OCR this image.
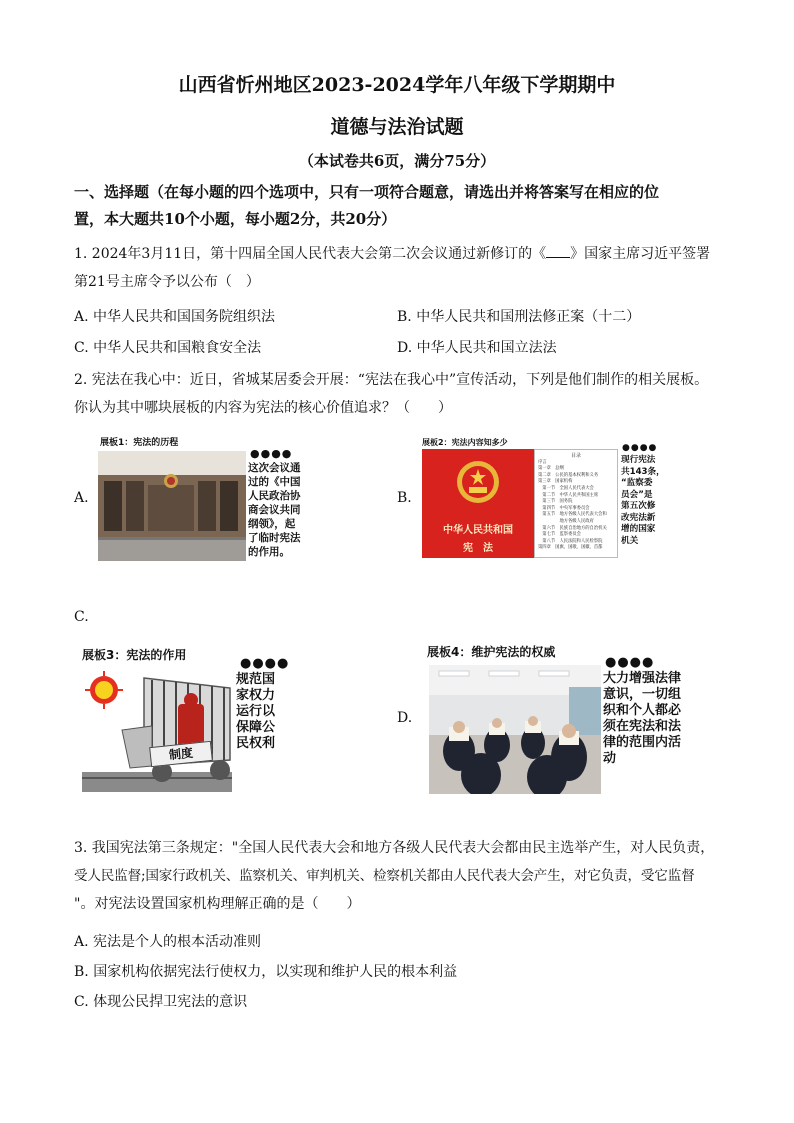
山西省忻州地区2023-2024学年八年级下学期期中
道德与法治试题
（本试卷共6页，满分75分）
一、选择题（在每小题的四个选项中，只有一项符合题意，请选出并将答案写在相应的位
置，本大题共10个小题，每小题2分，共20分）
1. 2024年3月11日，第十四届全国人民代表大会第二次会议通过新修订的《 》国家主席习近平签署
第21号主席令予以公布（　）
A. 中华人民共和国国务院组织法	B. 中华人民共和国刑法修正案（十二）
C. 中华人民共和国粮食安全法	D. 中华人民共和国立法法
2. 宪法在我心中：近日，省城某居委会开展：“宪法在我心中”宣传活动，下列是他们制作的相关展板。
你认为其中哪块展板的内容为宪法的核心价值追求？（　　）
A.
展板1：宪法的历程
●●●●
这次会议通
过的《中国
人民政治协
商会议共同
纲领》，起
了临时宪法
的作用。
B.
展板2：宪法内容知多少
中华人民共和国
宪　法
目录
序言
第一章　总纲
第二章　公民的基本权利和义务
第三章　国家机构
　第一节　全国人民代表大会
　第二节　中华人民共和国主席
　第三节　国务院
　第四节　中央军事委员会
　第五节　地方各级人民代表大会和
　　　　　地方各级人民政府
　第六节　民族自治地方的自治机关
　第七节　监察委员会
　第八节　人民法院和人民检察院
第四章　国旗、国歌、国徽、首都
●●●●
现行宪法
共143条，
“监察委
员会”是
第五次修
改宪法新
增的国家
机关
C.
展板3：宪法的作用
制度
●●●●
规范国
家权力
运行以
保障公
民权利
D.
展板4：维护宪法的权威
●●●●
大力增强法律
意识，一切组
织和个人都必
须在宪法和法
律的范围内活
动
3. 我国宪法第三条规定："全国人民代表大会和地方各级人民代表大会都由民主选举产生，对人民负责，
受人民监督;国家行政机关、监察机关、审判机关、检察机关都由人民代表大会产生，对它负责，受它监督
"。对宪法设置国家机构理解正确的是（　　）
A. 宪法是个人的根本活动准则
B. 国家机构依据宪法行使权力，以实现和维护人民的根本利益
C. 体现公民捍卫宪法的意识
